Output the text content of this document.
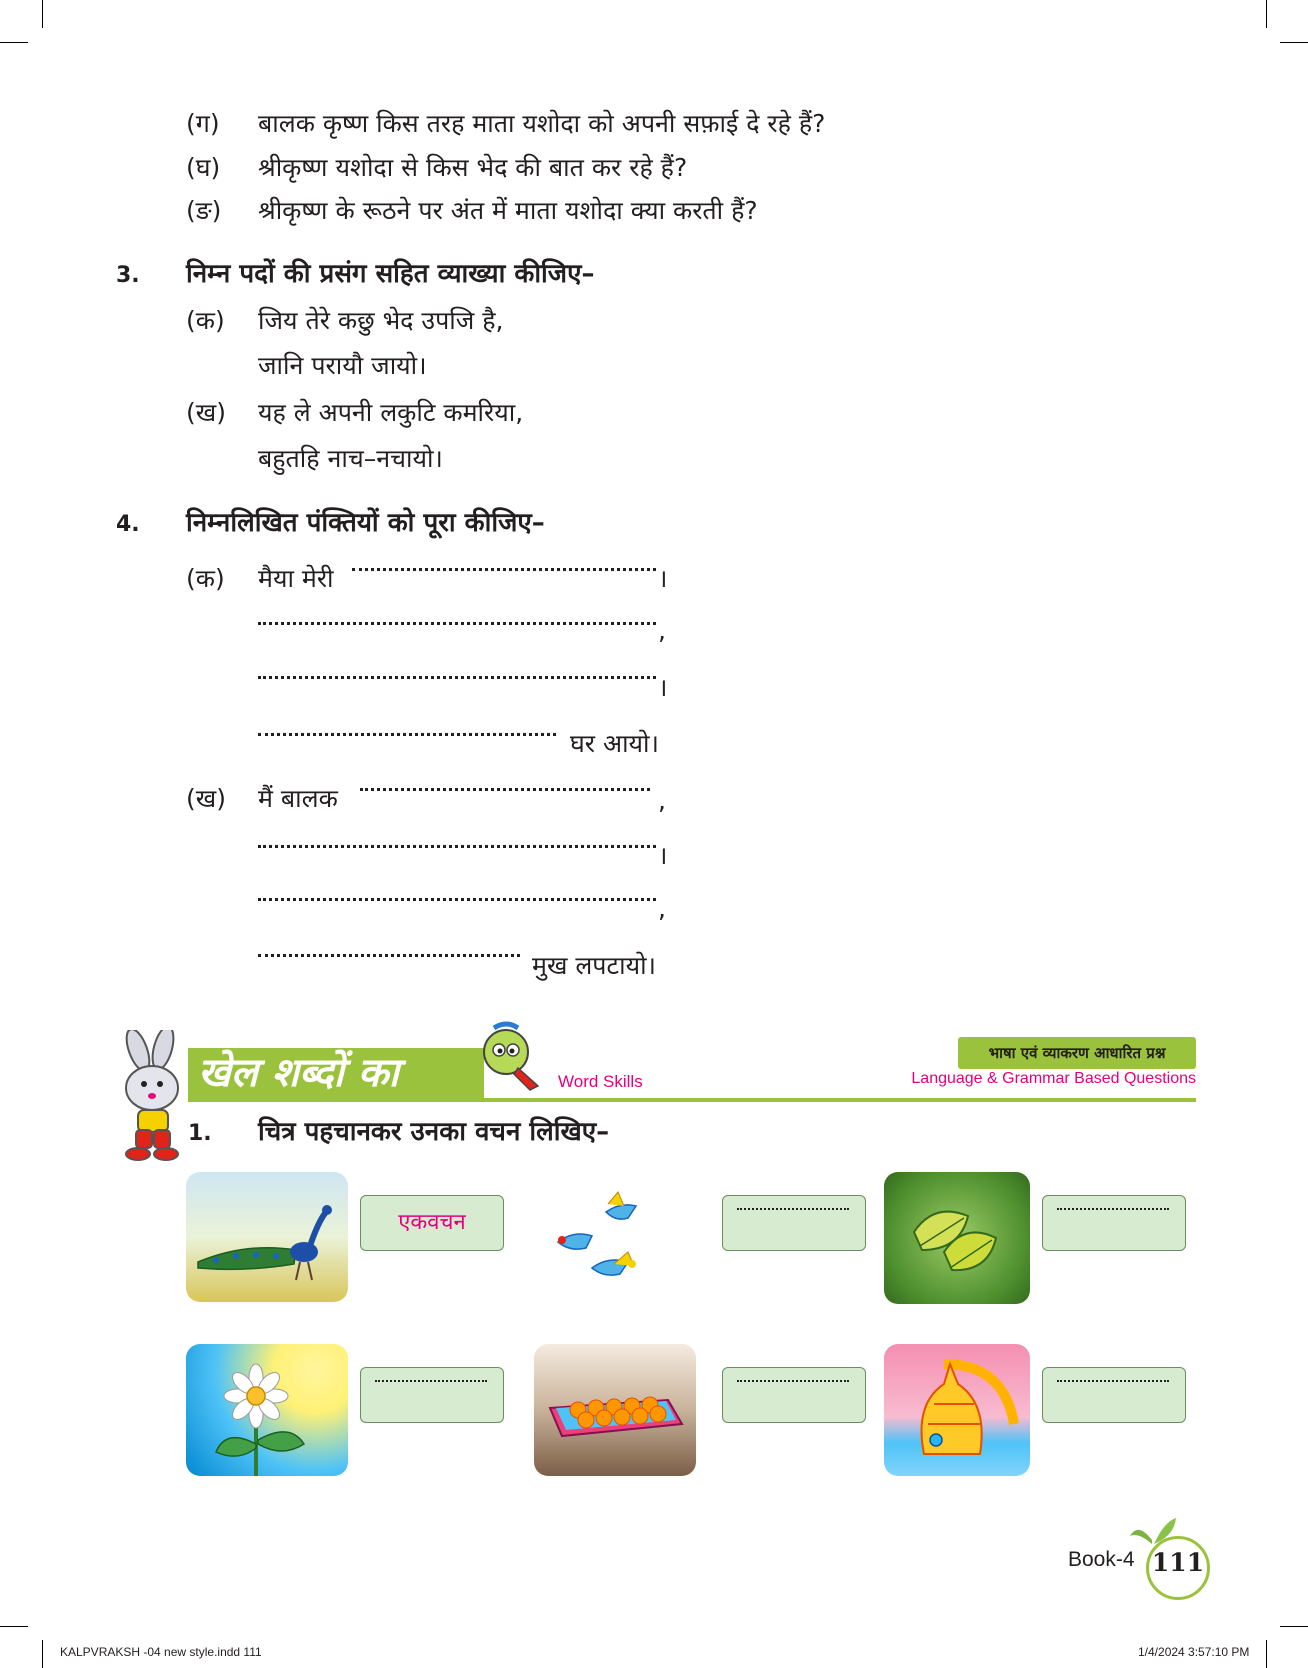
(ग) बालक कृष्ण किस तरह माता यशोदा को अपनी सफ़ाई दे रहे हैं?
(घ) श्रीकृष्ण यशोदा से किस भेद की बात कर रहे हैं?
(ङ) श्रीकृष्ण के रूठने पर अंत में माता यशोदा क्या करती हैं?
3. निम्न पदों की प्रसंग सहित व्याख्या कीजिए–
(क) जिय तेरे कछु भेद उपजि है,
जानि परायौ जायो।
(ख) यह ले अपनी लकुटि कमरिया,
बहुतहि नाच–नचायो।
4. निम्नलिखित पंक्तियों को पूरा कीजिए–
(क) मैया मेरी	।
,
।
घर आयो।
(ख) मैं बालक	,
।
,
मुख लपटायो।
खेल शब्दों का	Word Skills
भाषा एवं व्याकरण आधारित प्रश्न
Language & Grammar Based Questions
1. चित्र पहचानकर उनका वचन लिखिए–
एकवचन
Book-4 111
KALPVRAKSH -04 new style.indd 111	1/4/2024 3:57:10 PM
